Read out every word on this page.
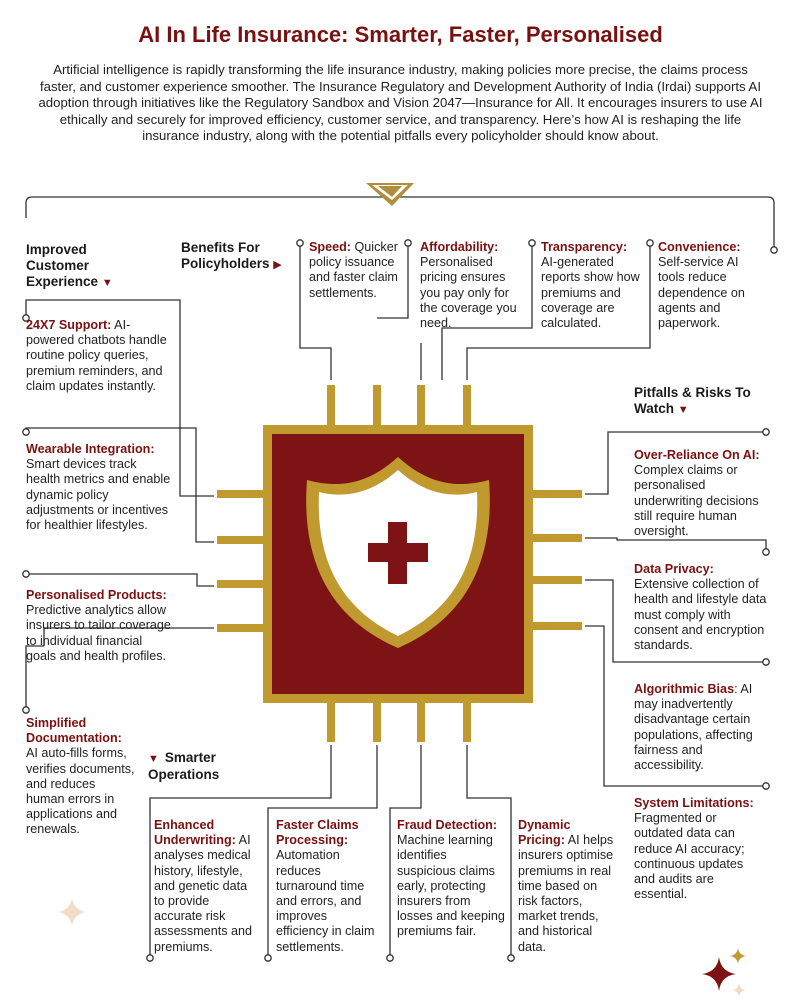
AI In Life Insurance: Smarter, Faster, Personalised
Artificial intelligence is rapidly transforming the life insurance industry, making policies more precise, the claims process faster, and customer experience smoother. The Insurance Regulatory and Development Authority of India (Irdai) supports AI adoption through initiatives like the Regulatory Sandbox and Vision 2047—Insurance for All. It encourages insurers to use AI ethically and securely for improved efficiency, customer service, and transparency. Here’s how AI is reshaping the life insurance industry, along with the potential pitfalls every policyholder should know about.
Improved Customer Experience ▼
Benefits For Policyholders ▶
Pitfalls & Risks To Watch ▼
▼ Smarter Operations
Speed: Quicker policy issuance and faster claim settlements.
Affordability: Personalised pricing ensures you pay only for the coverage you need.
Transparency: AI-generated reports show how premiums and coverage are calculated.
Convenience: Self-service AI tools reduce dependence on agents and paperwork.
24X7 Support: AI-powered chatbots handle routine policy queries, premium reminders, and claim updates instantly.
Wearable Integration: Smart devices track health metrics and enable dynamic policy adjustments or incentives for healthier lifestyles.
Personalised Products: Predictive analytics allow insurers to tailor coverage to individual financial goals and health profiles.
Simplified Documentation: AI auto-fills forms, verifies documents, and reduces human errors in applications and renewals.
Over-Reliance On AI: Complex claims or personalised underwriting decisions still require human oversight.
Data Privacy: Extensive collection of health and lifestyle data must comply with consent and encryption standards.
Algorithmic Bias: AI may inadvertently disadvantage certain populations, affecting fairness and accessibility.
System Limitations: Fragmented or outdated data can reduce AI accuracy; continuous updates and audits are essential.
Enhanced Underwriting: AI analyses medical history, lifestyle, and genetic data to provide accurate risk assessments and premiums.
Faster Claims Processing: Automation reduces turnaround time and errors, and improves efficiency in claim settlements.
Fraud Detection: Machine learning identifies suspicious claims early, protecting insurers from losses and keeping premiums fair.
Dynamic Pricing: AI helps insurers optimise premiums in real time based on risk factors, market trends, and historical data.
